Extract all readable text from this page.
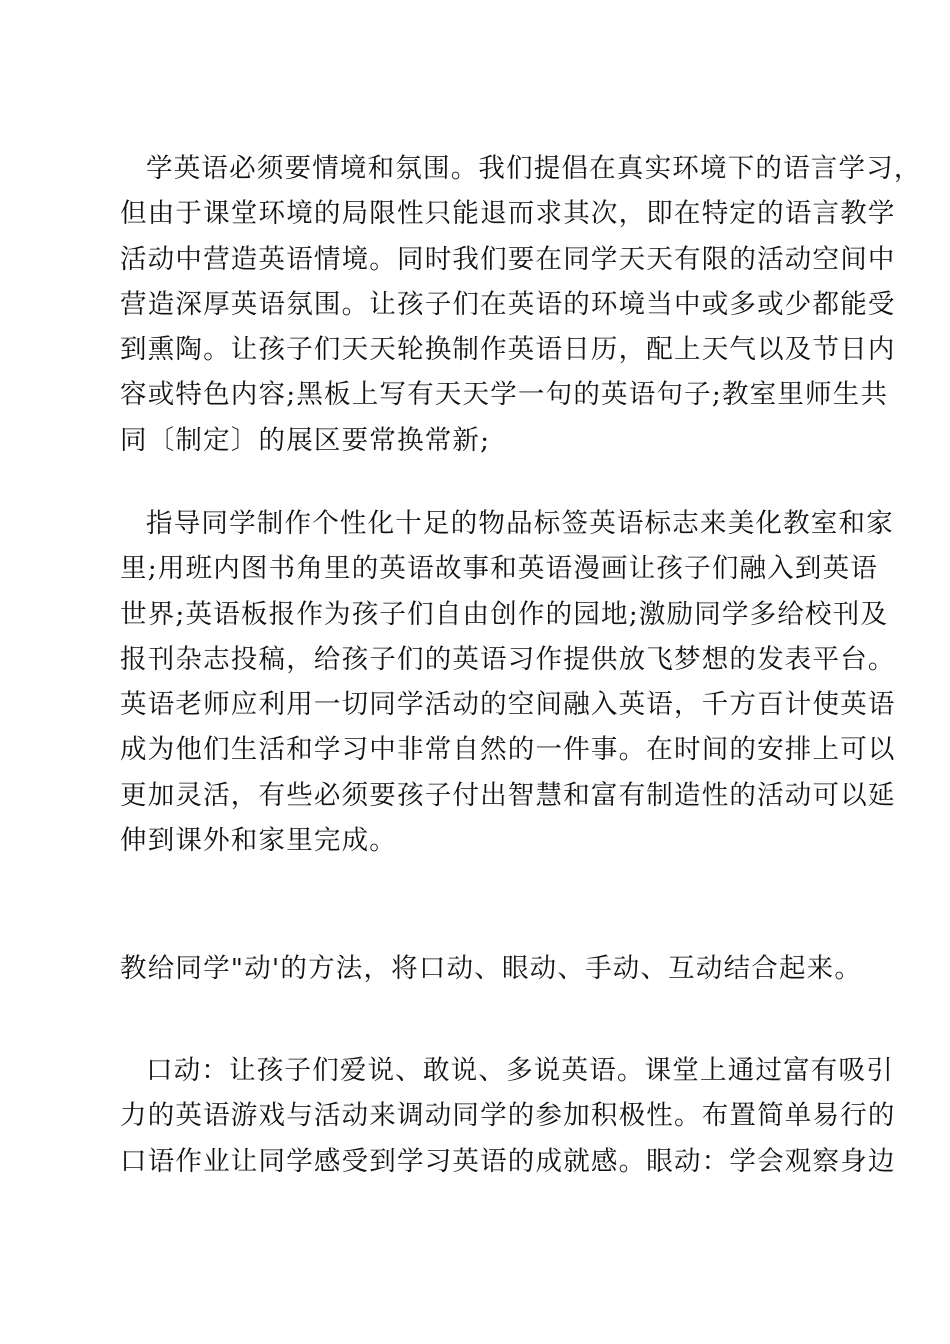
学英语必须要情境和氛围。我们提倡在真实环境下的语言学习，
但由于课堂环境的局限性只能退而求其次，即在特定的语言教学
活动中营造英语情境。同时我们要在同学天天有限的活动空间中
营造深厚英语氛围。让孩子们在英语的环境当中或多或少都能受
到熏陶。让孩子们天天轮换制作英语日历，配上天气以及节日内
容或特色内容;黑板上写有天天学一句的英语句子;教室里师生共
同〔制定〕的展区要常换常新;

指导同学制作个性化十足的物品标签英语标志来美化教室和家
里;用班内图书角里的英语故事和英语漫画让孩子们融入到英语
世界;英语板报作为孩子们自由创作的园地;激励同学多给校刊及
报刊杂志投稿，给孩子们的英语习作提供放飞梦想的发表平台。
英语老师应利用一切同学活动的空间融入英语，千方百计使英语
成为他们生活和学习中非常自然的一件事。在时间的安排上可以
更加灵活，有些必须要孩子付出智慧和富有制造性的活动可以延
伸到课外和家里完成。

教给同学"动'的方法，将口动、眼动、手动、互动结合起来。

口动：让孩子们爱说、敢说、多说英语。课堂上通过富有吸引
力的英语游戏与活动来调动同学的参加积极性。布置简单易行的
口语作业让同学感受到学习英语的成就感。眼动：学会观察身边
